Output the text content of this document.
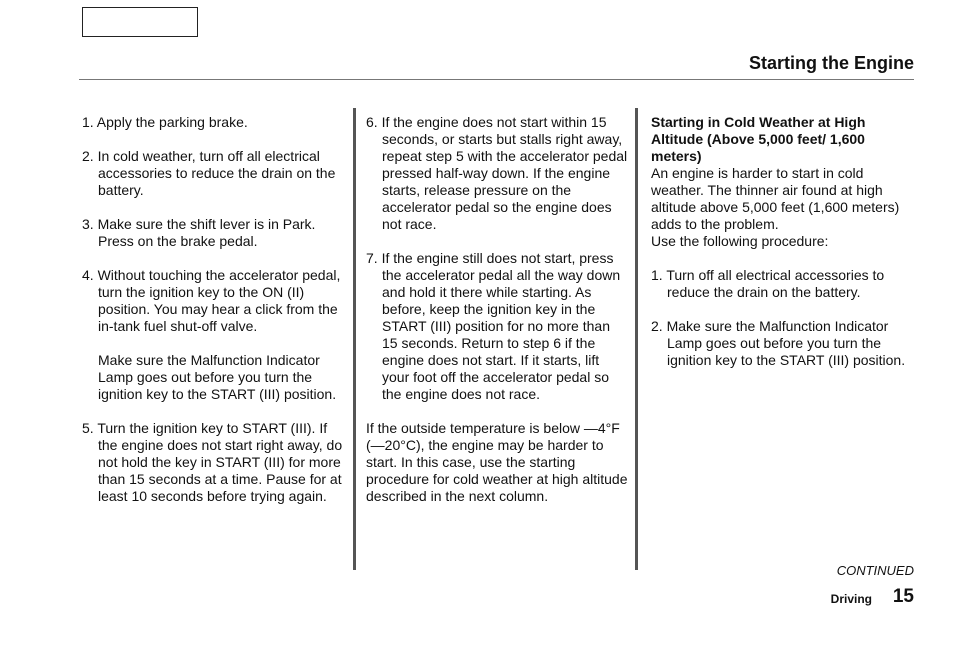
Starting the Engine

1. Apply the parking brake.

2. In cold weather, turn off all electrical accessories to reduce the drain on the battery.

3. Make sure the shift lever is in Park. Press on the brake pedal.

4. Without touching the accelerator pedal, turn the ignition key to the ON (II) position. You may hear a click from the in-tank fuel shut-off valve.

Make sure the Malfunction Indicator Lamp goes out before you turn the ignition key to the START (III) position.

5. Turn the ignition key to START (III). If the engine does not start right away, do not hold the key in START (III) for more than 15 seconds at a time. Pause for at least 10 seconds before trying again.

6. If the engine does not start within 15 seconds, or starts but stalls right away, repeat step 5 with the accelerator pedal pressed half-way down. If the engine starts, release pressure on the accelerator pedal so the engine does not race.

7. If the engine still does not start, press the accelerator pedal all the way down and hold it there while starting. As before, keep the ignition key in the START (III) position for no more than 15 seconds. Return to step 6 if the engine does not start. If it starts, lift your foot off the accelerator pedal so the engine does not race.

If the outside temperature is below —4°F (—20°C), the engine may be harder to start. In this case, use the starting procedure for cold weather at high altitude described in the next column.

Starting in Cold Weather at High Altitude (Above 5,000 feet/ 1,600 meters)

An engine is harder to start in cold weather. The thinner air found at high altitude above 5,000 feet (1,600 meters) adds to the problem.

Use the following procedure:

1. Turn off all electrical accessories to reduce the drain on the battery.

2. Make sure the Malfunction Indicator Lamp goes out before you turn the ignition key to the START (III) position.

CONTINUED
Driving 15
